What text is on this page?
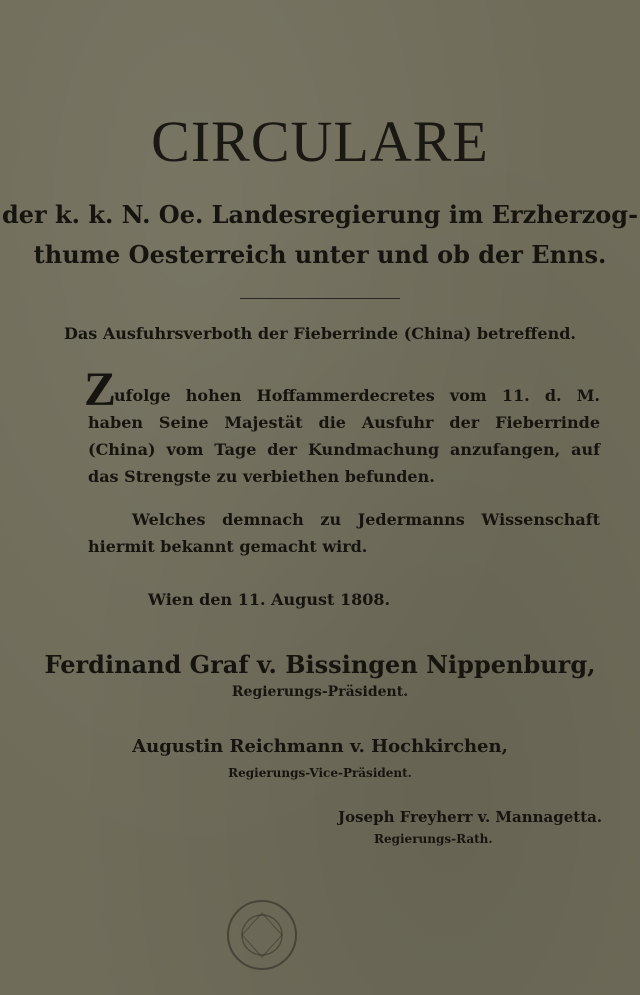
CIRCULARE
der k. k. N. Oe. Landesregierung im Erzherzog-
thume Oesterreich unter und ob der Enns.
Das Ausfuhrsverboth der Fieberrinde (China) betreffend.
Z
ufolge hohen Hoffammerdecretes vom 11. d. M. haben Seine Majestät die Ausfuhr der Fieberrinde (China) vom Tage der Kundmachung anzufangen, auf das Strengste zu verbiethen befunden.
Welches demnach zu Jedermanns Wissenschaft hiermit bekannt gemacht wird.
Wien den 11. August 1808.
Ferdinand Graf v. Bissingen Nippenburg,
Regierungs-Präsident.
Augustin Reichmann v. Hochkirchen,
Regierungs-Vice-Präsident.
Joseph Freyherr v. Mannagetta.
Regierungs-Rath.
